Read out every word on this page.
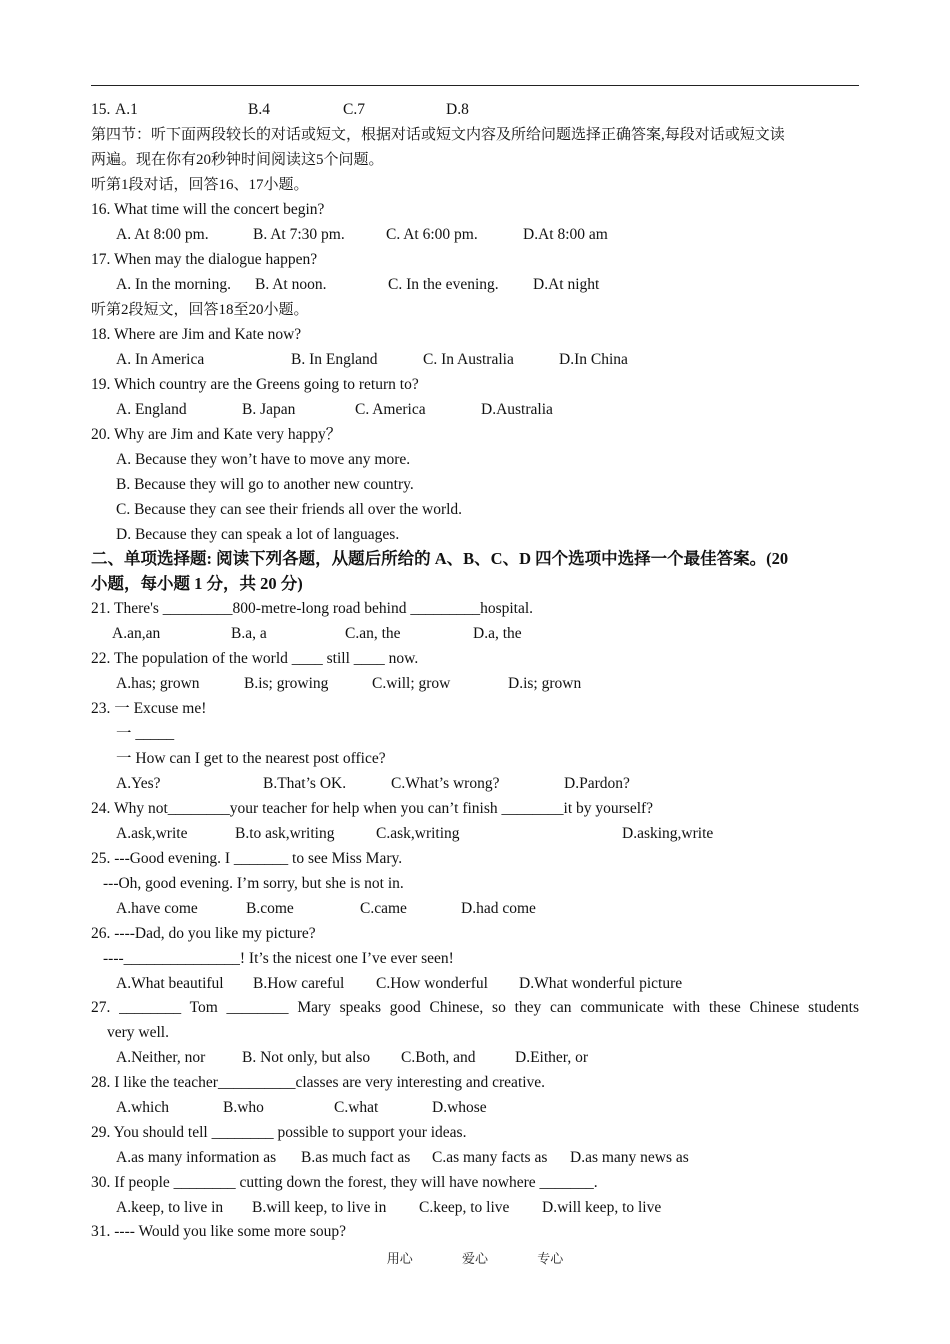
15. A.1	B.4	C.7	D.8
第四节：听下面两段较长的对话或短文，根据对话或短文内容及所给问题选择正确答案,每段对话或短文读
两遍。现在你有20秒钟时间阅读这5个问题。
听第1段对话，回答16、17小题。
16. What time will the concert begin?
A. At 8:00 pm.	B. At 7:30 pm.	C. At 6:00 pm.	D.At 8:00 am
17. When may the dialogue happen?
A. In the morning. B. At noon.	C. In the evening. D.At night
听第2段短文，回答18至20小题。
18. Where are Jim and Kate now?
A. In America	B. In England	C. In Australia	D.In China
19. Which country are the Greens going to return to?
A. England	B. Japan	C. America	D.Australia
20. Why are Jim and Kate very happy？
A. Because they won’t have to move any more.
B. Because they will go to another new country.
C. Because they can see their friends all over the world.
D. Because they can speak a lot of languages.
二、单项选择题: 阅读下列各题，从题后所给的 A、B、C、D 四个选项中选择一个最佳答案。(20
小题，每小题 1 分，共 20 分)
21. There's _________800-metre-long road behind _________hospital.
A.an,an	B.a, a	C.an, the	D.a, the
22. The population of the world ____ still ____ now.
A.has; grown	B.is; growing	C.will; grow	D.is; grown
23. 一 Excuse me!
一 _____
一 How can I get to the nearest post office?
A.Yes?	B.That’s OK.	C.What’s wrong?	D.Pardon?
24. Why not________your teacher for help when you can’t finish ________it by yourself?
A.ask,write	B.to ask,writing	C.ask,writing	D.asking,write
25. ---Good evening. I _______ to see Miss Mary.
---Oh, good evening. I’m sorry, but she is not in.
A.have come	B.come	C.came	D.had come
26. ----Dad, do you like my picture?
----_______________! It’s the nicest one I’ve ever seen!
A.What beautiful B.How careful C.How wonderful D.What wonderful picture
27. ________ Tom ________ Mary speaks good Chinese, so they can communicate with these Chinese students
very well.
A.Neither, nor B. Not only, but also C.Both, and	D.Either, or
28. I like the teacher__________classes are very interesting and creative.
A.which	B.who	C.what	D.whose
29. You should tell ________ possible to support your ideas.
A.as many information as B.as much fact as C.as many facts as D.as many news as
30. If people ________ cutting down the forest, they will have nowhere _______.
A.keep, to live in B.will keep, to live in C.keep, to live D.will keep, to live
31. ---- Would you like some more soup?
用心	爱心	专心
